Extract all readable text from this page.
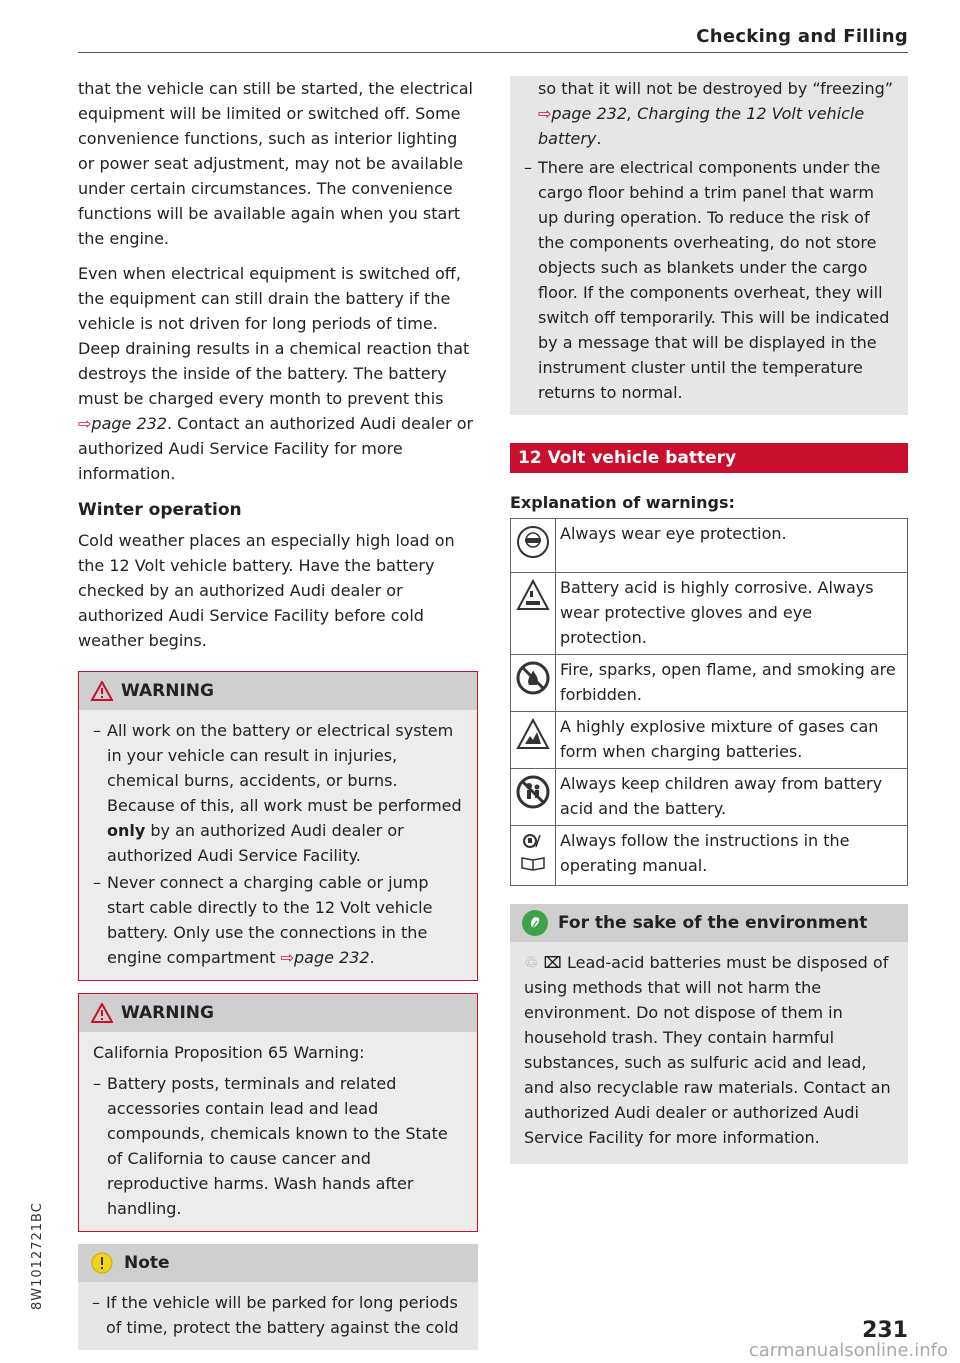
Checking and Filling
8W1012721BC

that the vehicle can still be started, the electrical equipment will be limited or switched off. Some convenience functions, such as interior lighting or power seat adjustment, may not be available under certain circumstances. The convenience functions will be available again when you start the engine.

Even when electrical equipment is switched off, the equipment can still drain the battery if the vehicle is not driven for long periods of time. Deep draining results in a chemical reaction that destroys the inside of the battery. The battery must be charged every month to prevent this ⇨page 232. Contact an authorized Audi dealer or authorized Audi Service Facility for more information.

Winter operation

Cold weather places an especially high load on the 12 Volt vehicle battery. Have the battery checked by an authorized Audi dealer or authorized Audi Service Facility before cold weather begins.

WARNING
– All work on the battery or electrical system in your vehicle can result in injuries, chemical burns, accidents, or burns. Because of this, all work must be performed only by an authorized Audi dealer or authorized Audi Service Facility.
– Never connect a charging cable or jump start cable directly to the 12 Volt vehicle battery. Only use the connections in the engine compartment ⇨page 232.
WARNING

California Proposition 65 Warning:

– Battery posts, terminals and related accessories contain lead and lead compounds, chemicals known to the State of California to cause cancer and reproductive harms. Wash hands after handling.
Note
– If the vehicle will be parked for long periods of time, protect the battery against the cold

so that it will not be destroyed by “freezing” ⇨page 232, Charging the 12 Volt vehicle battery.

– There are electrical components under the cargo floor behind a trim panel that warm up during operation. To reduce the risk of the components overheating, do not store objects such as blankets under the cargo floor. If the components overheat, they will switch off temporarily. This will be indicated by a message that will be displayed in the instrument cluster until the temperature returns to normal.
12 Volt vehicle battery
Explanation of warnings:
	Always wear eye protection.
	Battery acid is highly corrosive. Always wear protective gloves and eye protection.
	Fire, sparks, open flame, and smoking are forbidden.
	A highly explosive mixture of gases can form when charging batteries.
	Always keep children away from battery acid and the battery.
	Always follow the instructions in the operating manual.
For the sake of the environment

♲ ⌧ Lead-acid batteries must be disposed of using methods that will not harm the environment. Do not dispose of them in household trash. They contain harmful substances, such as sulfuric acid and lead, and also recyclable raw materials. Contact an authorized Audi dealer or authorized Audi Service Facility for more information.

231
carmanualsonline.info
